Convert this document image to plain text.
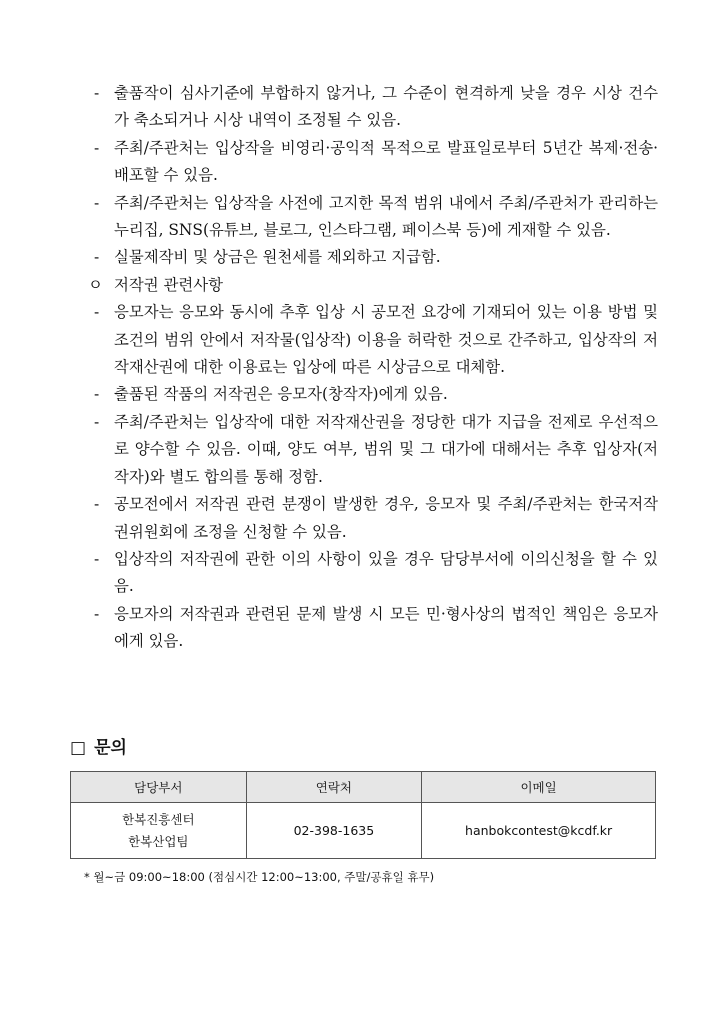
- 출품작이 심사기준에 부합하지 않거나, 그 수준이 현격하게 낮을 경우 시상 건수가 축소되거나 시상 내역이 조정될 수 있음.
- 주최/주관처는 입상작을 비영리·공익적 목적으로 발표일로부터 5년간 복제·전송·배포할 수 있음.
- 주최/주관처는 입상작을 사전에 고지한 목적 범위 내에서 주최/주관처가 관리하는 누리집, SNS(유튜브, 블로그, 인스타그램, 페이스북 등)에 게재할 수 있음.
- 실물제작비 및 상금은 원천세를 제외하고 지급함.
ㅇ 저작권 관련사항
- 응모자는 응모와 동시에 추후 입상 시 공모전 요강에 기재되어 있는 이용 방법 및 조건의 범위 안에서 저작물(입상작) 이용을 허락한 것으로 간주하고, 입상작의 저작재산권에 대한 이용료는 입상에 따른 시상금으로 대체함.
- 출품된 작품의 저작권은 응모자(창작자)에게 있음.
- 주최/주관처는 입상작에 대한 저작재산권을 정당한 대가 지급을 전제로 우선적으로 양수할 수 있음. 이때, 양도 여부, 범위 및 그 대가에 대해서는 추후 입상자(저작자)와 별도 합의를 통해 정함.
- 공모전에서 저작권 관련 분쟁이 발생한 경우, 응모자 및 주최/주관처는 한국저작권위원회에 조정을 신청할 수 있음.
- 입상작의 저작권에 관한 이의 사항이 있을 경우 담당부서에 이의신청을 할 수 있음.
- 응모자의 저작권과 관련된 문제 발생 시 모든 민·형사상의 법적인 책임은 응모자에게 있음.
□ 문의
담당부서	연락처	이메일

한복진흥센터
한복산업팀	02-398-1635	hanbokcontest@kcdf.kr
* 월~금 09:00~18:00 (점심시간 12:00~13:00, 주말/공휴일 휴무)
